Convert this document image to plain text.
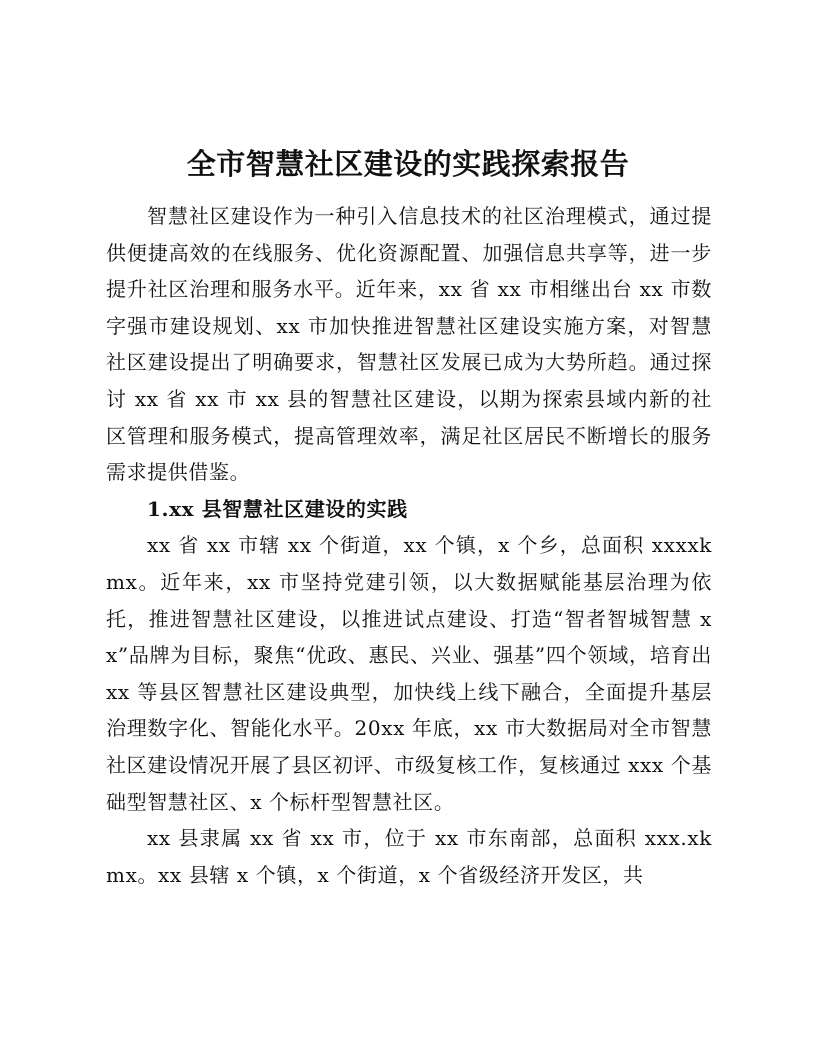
全市智慧社区建设的实践探索报告

智慧社区建设作为一种引入信息技术的社区治理模式，通过提供便捷高效的在线服务、优化资源配置、加强信息共享等，进一步提升社区治理和服务水平。近年来，xx 省 xx 市相继出台 xx 市数字强市建设规划、xx 市加快推进智慧社区建设实施方案，对智慧社区建设提出了明确要求，智慧社区发展已成为大势所趋。通过探讨 xx 省 xx 市 xx 县的智慧社区建设，以期为探索县域内新的社区管理和服务模式，提高管理效率，满足社区居民不断增长的服务需求提供借鉴。

1.xx 县智慧社区建设的实践

xx 省 xx 市辖 xx 个街道，xx 个镇，x 个乡，总面积 xxxxkmx。近年来，xx 市坚持党建引领，以大数据赋能基层治理为依托，推进智慧社区建设，以推进试点建设、打造“智者智城智慧 xx”品牌为目标，聚焦“优政、惠民、兴业、强基”四个领域，培育出 xx 等县区智慧社区建设典型，加快线上线下融合，全面提升基层治理数字化、智能化水平。20xx 年底，xx 市大数据局对全市智慧社区建设情况开展了县区初评、市级复核工作，复核通过 xxx 个基础型智慧社区、x 个标杆型智慧社区。

xx 县隶属 xx 省 xx 市，位于 xx 市东南部，总面积 xxx.xkmx。xx 县辖 x 个镇，x 个街道，x 个省级经济开发区，共
